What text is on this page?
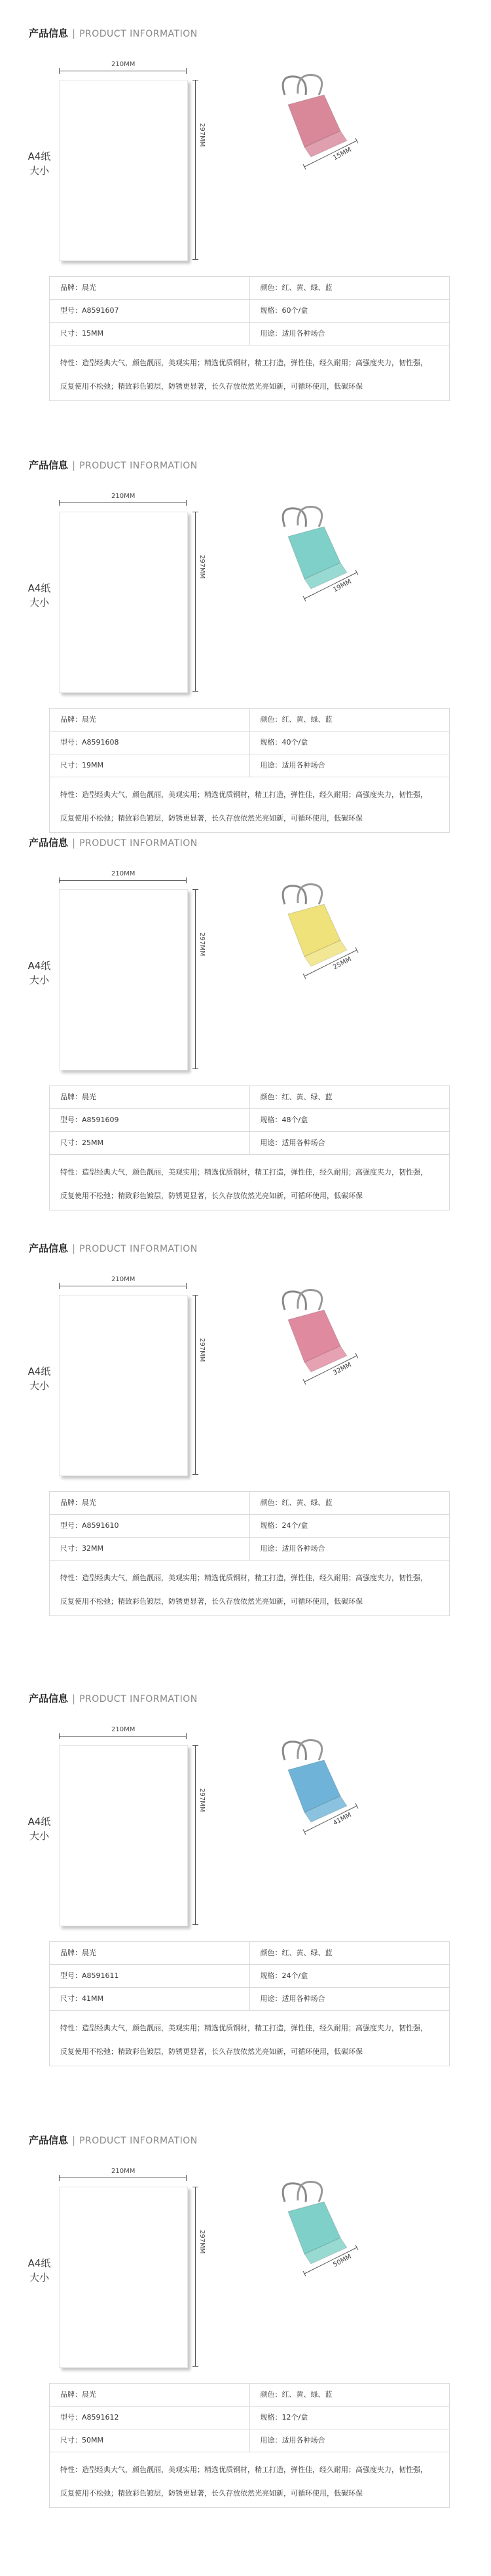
产品信息 | PRODUCT INFORMATION
A4纸
大小
210MM
297MM
15MM
品牌：晨光	颜色：红、黄、绿、蓝
型号：A8591607	规格：60个/盒
尺寸：15MM	用途：适用各种场合
特性：造型经典大气，颜色靓丽，美观实用；精选优质钢材，精工打造，弹性佳，经久耐用；高强度夹力，韧性强，
反复使用不松弛；精致彩色镀层，防锈更显著，长久存放依然光亮如新，可循环使用，低碳环保
产品信息 | PRODUCT INFORMATION
A4纸
大小
210MM
297MM
19MM
品牌：晨光	颜色：红、黄、绿、蓝
型号：A8591608	规格：40个/盒
尺寸：19MM	用途：适用各种场合
特性：造型经典大气，颜色靓丽，美观实用；精选优质钢材，精工打造，弹性佳，经久耐用；高强度夹力，韧性强，
反复使用不松弛；精致彩色镀层，防锈更显著，长久存放依然光亮如新，可循环使用，低碳环保
产品信息 | PRODUCT INFORMATION
A4纸
大小
210MM
297MM
25MM
品牌：晨光	颜色：红、黄、绿、蓝
型号：A8591609	规格：48个/盒
尺寸：25MM	用途：适用各种场合
特性：造型经典大气，颜色靓丽，美观实用；精选优质钢材，精工打造，弹性佳，经久耐用；高强度夹力，韧性强，
反复使用不松弛；精致彩色镀层，防锈更显著，长久存放依然光亮如新，可循环使用，低碳环保
产品信息 | PRODUCT INFORMATION
A4纸
大小
210MM
297MM
32MM
品牌：晨光	颜色：红、黄、绿、蓝
型号：A8591610	规格：24个/盒
尺寸：32MM	用途：适用各种场合
特性：造型经典大气，颜色靓丽，美观实用；精选优质钢材，精工打造，弹性佳，经久耐用；高强度夹力，韧性强，
反复使用不松弛；精致彩色镀层，防锈更显著，长久存放依然光亮如新，可循环使用，低碳环保
产品信息 | PRODUCT INFORMATION
A4纸
大小
210MM
297MM
41MM
品牌：晨光	颜色：红、黄、绿、蓝
型号：A8591611	规格：24个/盒
尺寸：41MM	用途：适用各种场合
特性：造型经典大气，颜色靓丽，美观实用；精选优质钢材，精工打造，弹性佳，经久耐用；高强度夹力，韧性强，
反复使用不松弛；精致彩色镀层，防锈更显著，长久存放依然光亮如新，可循环使用，低碳环保
产品信息 | PRODUCT INFORMATION
A4纸
大小
210MM
297MM
50MM
品牌：晨光	颜色：红、黄、绿、蓝
型号：A8591612	规格：12个/盒
尺寸：50MM	用途：适用各种场合
特性：造型经典大气，颜色靓丽，美观实用；精选优质钢材，精工打造，弹性佳，经久耐用；高强度夹力，韧性强，
反复使用不松弛；精致彩色镀层，防锈更显著，长久存放依然光亮如新，可循环使用，低碳环保
